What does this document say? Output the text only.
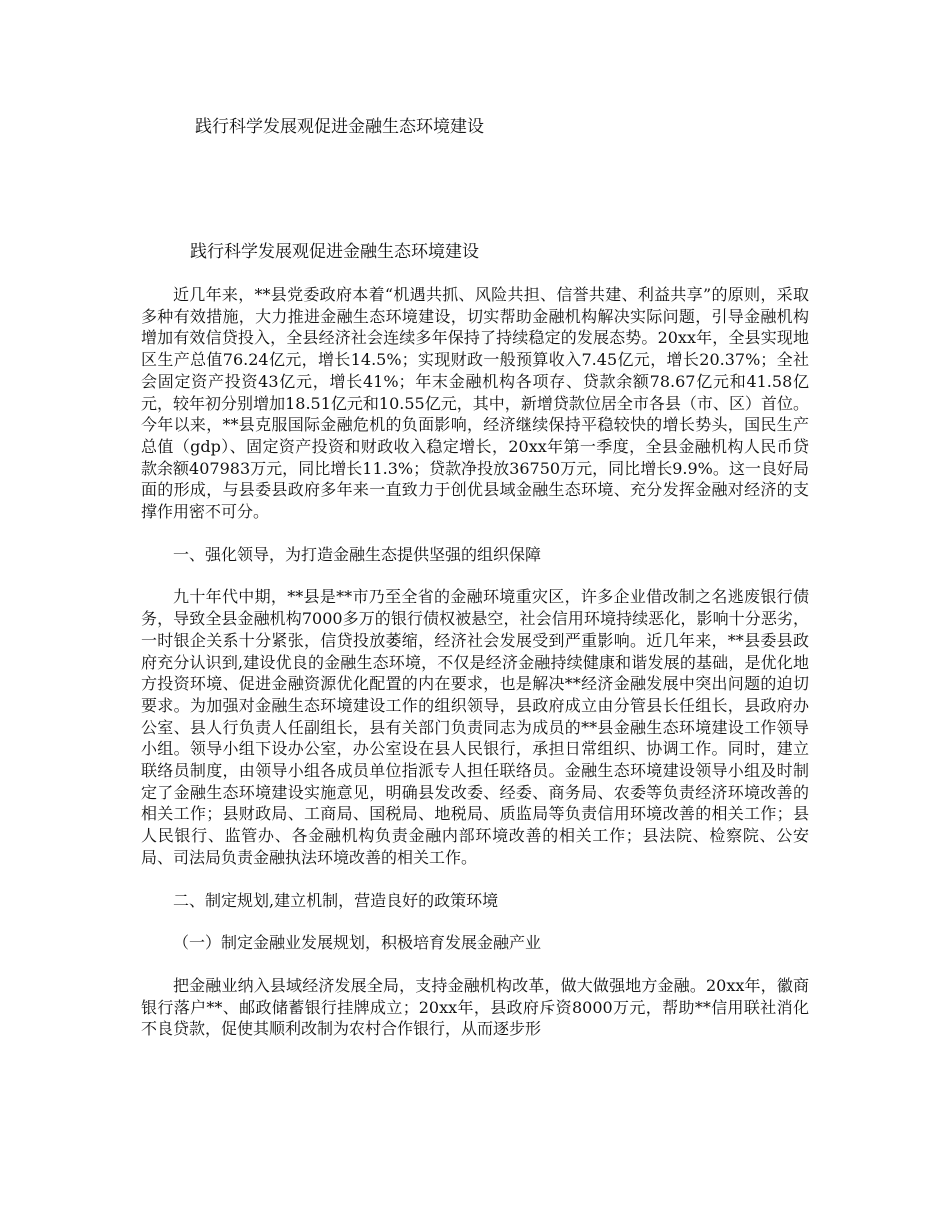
践行科学发展观促进金融生态环境建设
践行科学发展观促进金融生态环境建设

近几年来，**县党委政府本着“机遇共抓、风险共担、信誉共建、利益共享”的原则，采取多种有效措施，大力推进金融生态环境建设，切实帮助金融机构解决实际问题，引导金融机构增加有效信贷投入，全县经济社会连续多年保持了持续稳定的发展态势。20xx年，全县实现地区生产总值76.24亿元，增长14.5%；实现财政一般预算收入7.45亿元，增长20.37%；全社会固定资产投资43亿元，增长41%；年末金融机构各项存、贷款余额78.67亿元和41.58亿元，较年初分别增加18.51亿元和10.55亿元，其中，新增贷款位居全市各县（市、区）首位。今年以来，**县克服国际金融危机的负面影响，经济继续保持平稳较快的增长势头，国民生产总值（gdp）、固定资产投资和财政收入稳定增长，20xx年第一季度，全县金融机构人民币贷款余额407983万元，同比增长11.3%；贷款净投放36750万元，同比增长9.9%。这一良好局面的形成，与县委县政府多年来一直致力于创优县域金融生态环境、充分发挥金融对经济的支撑作用密不可分。

一、强化领导，为打造金融生态提供坚强的组织保障

九十年代中期，**县是**市乃至全省的金融环境重灾区，许多企业借改制之名逃废银行债务，导致全县金融机构7000多万的银行债权被悬空，社会信用环境持续恶化，影响十分恶劣，一时银企关系十分紧张，信贷投放萎缩，经济社会发展受到严重影响。近几年来，**县委县政府充分认识到,建设优良的金融生态环境，不仅是经济金融持续健康和谐发展的基础，是优化地方投资环境、促进金融资源优化配置的内在要求，也是解决**经济金融发展中突出问题的迫切要求。为加强对金融生态环境建设工作的组织领导，县政府成立由分管县长任组长，县政府办公室、县人行负责人任副组长，县有关部门负责同志为成员的**县金融生态环境建设工作领导小组。领导小组下设办公室，办公室设在县人民银行，承担日常组织、协调工作。同时，建立联络员制度，由领导小组各成员单位指派专人担任联络员。金融生态环境建设领导小组及时制定了金融生态环境建设实施意见，明确县发改委、经委、商务局、农委等负责经济环境改善的相关工作；县财政局、工商局、国税局、地税局、质监局等负责信用环境改善的相关工作；县人民银行、监管办、各金融机构负责金融内部环境改善的相关工作；县法院、检察院、公安局、司法局负责金融执法环境改善的相关工作。

二、制定规划,建立机制，营造良好的政策环境

（一）制定金融业发展规划，积极培育发展金融产业

把金融业纳入县域经济发展全局，支持金融机构改革，做大做强地方金融。20xx年，徽商银行落户**、邮政储蓄银行挂牌成立；20xx年，县政府斥资8000万元，帮助**信用联社消化不良贷款，促使其顺利改制为农村合作银行，从而逐步形
